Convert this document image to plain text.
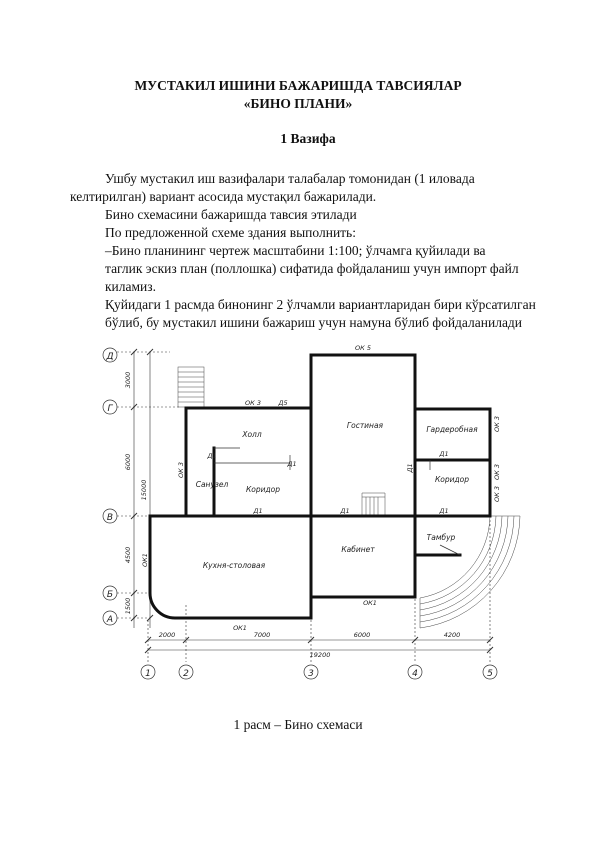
МУСТАКИЛ ИШИНИ БАЖАРИШДА ТАВСИЯЛАР
«БИНО ПЛАНИ»
1 Вазифа
Ушбу мустакил иш вазифалари талабалар томонидан (1 иловада
келтирилган) вариант асосида мустақил бажарилади.
Бино схемасини бажаришда тавсия этилади
По предложенной схеме здания выполнить:
–Бино планининг чертеж масштабини 1:100; ўлчамга қуйилади ва
таглик эскиз план (поллошка) сифатида фойдаланиш учун импорт файл
киламиз.
Қуйидаги 1 расмда бинонинг 2 ўлчамли вариантларидан бири кўрсатилган
бўлиб, бу мустакил ишини бажариш учун намуна бўлиб фойдаланилади
1 расм – Бино схемаси
Д
Г
В
Б
А
1	2	3	4	5
3000
6000
4500
1500
15000
2000	7000	6000	4200
19200
Холл
Гостиная	Гардеробная
Санузел
Коридор
Коридор
Кухня-столовая
Кабинет
Тамбур
ОК 5
ОК 3	Д5
Д1
Д1
ОК 3
Д1	Д1
Д1
ОК 3
ОК 3
ОК 3
Д1
Д1
ОК1
ОК1
ОК1
